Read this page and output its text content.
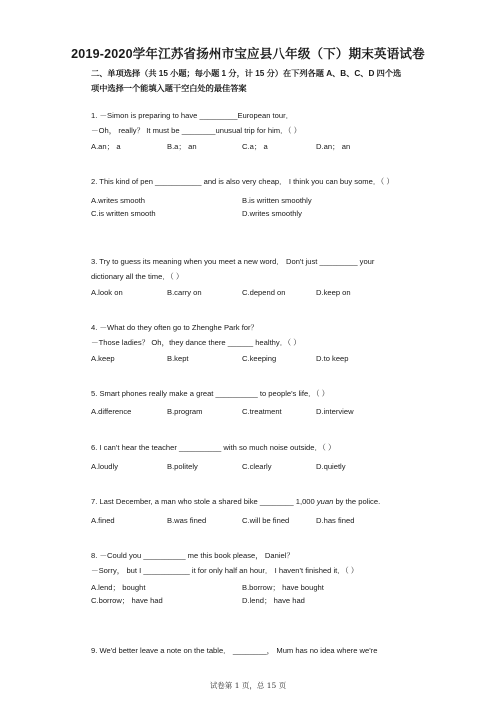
2019-2020学年江苏省扬州市宝应县八年级（下）期末英语试卷
二、单项选择（共 15 小题；每小题 1 分，计 15 分）在下列各题 A、B、C、D 四个选
项中选择一个能填入题干空白处的最佳答案
1. －Simon is preparing to have _________European tour．
－Oh， really？ It must be ________unusual trip for him．（ ）
A.an； a	B.a； an	C.a； a	D.an； an
2. This kind of pen ___________ and is also very cheap． I think you can buy some．（ ）
A.writes smooth	B.is written smoothly
C.is written smooth	D.writes smoothly
3. Try to guess its meaning when you meet a new word． Don't just _________ your
dictionary all the time．（ ）
A.look on	B.carry on	C.depend on	D.keep on
4. －What do they often go to Zhenghe Park for？
－Those ladies？ Oh，they dance there ______ healthy．（ ）
A.keep	B.kept	C.keeping	D.to keep
5. Smart phones really make a great __________ to people's life．（ ）
A.difference	B.program	C.treatment	D.interview
6. I can't hear the teacher __________ with so much noise outside．（ ）
A.loudly	B.politely	C.clearly	D.quietly
7. Last December, a man who stole a shared bike ________ 1,000 yuan by the police.
A.fined	B.was fined	C.will be fined	D.has fined
8. －Could you __________ me this book please， Daniel？
－Sorry， but I ___________ it for only half an hour． I haven't finished it．（ ）
A.lend； bought	B.borrow； have bought
C.borrow； have had	D.lend； have had
9. We'd better leave a note on the table． ________， Mum has no idea where we're
试卷第 1 页，总 15 页
